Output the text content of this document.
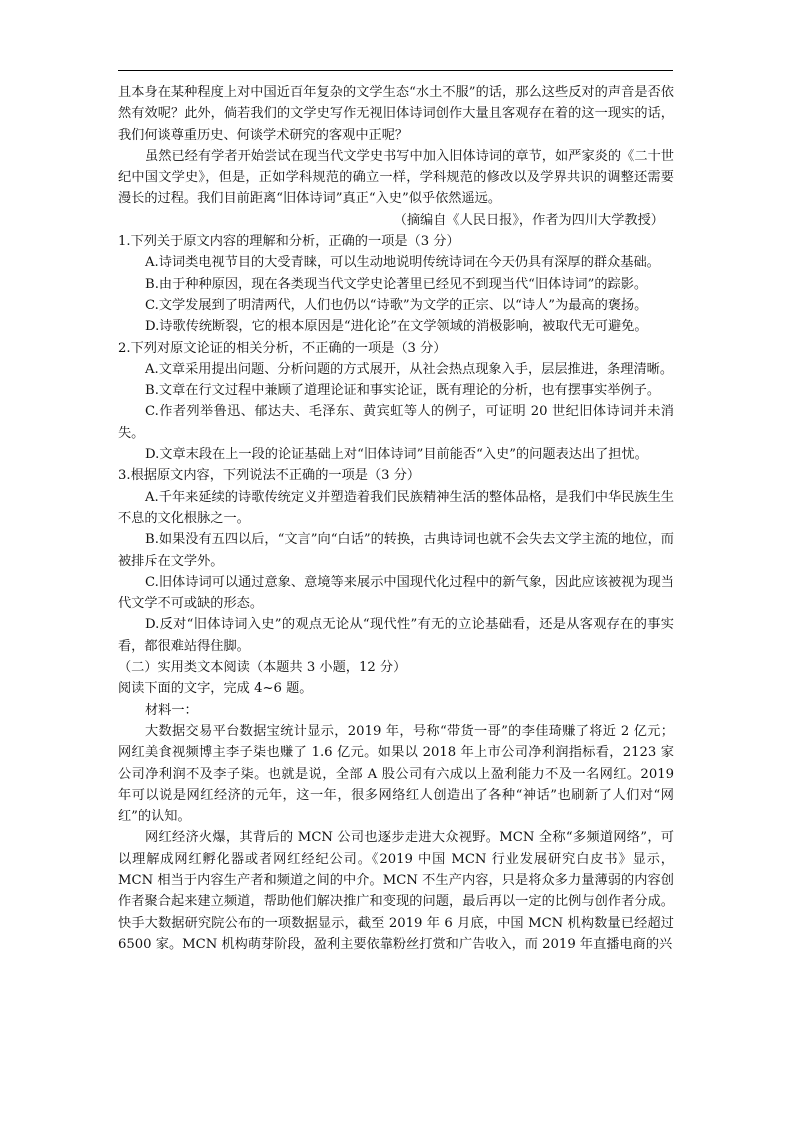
且本身在某种程度上对中国近百年复杂的文学生态“水土不服”的话，那么这些反对的声音是否依然有效呢？此外，倘若我们的文学史写作无视旧体诗词创作大量且客观存在着的这一现实的话，我们何谈尊重历史、何谈学术研究的客观中正呢？

虽然已经有学者开始尝试在现当代文学史书写中加入旧体诗词的章节，如严家炎的《二十世纪中国文学史》，但是，正如学科规范的确立一样，学科规范的修改以及学界共识的调整还需要漫长的过程。我们目前距离“旧体诗词”真正“入史”似乎依然遥远。

（摘编自《人民日报》，作者为四川大学教授）

1.下列关于原文内容的理解和分析，正确的一项是（3 分）

A.诗词类电视节目的大受青睐，可以生动地说明传统诗词在今天仍具有深厚的群众基础。

B.由于种种原因，现在各类现当代文学史论著里已经见不到现当代“旧体诗词”的踪影。

C.文学发展到了明清两代，人们也仍以“诗歌”为文学的正宗、以“诗人”为最高的褒扬。

D.诗歌传统断裂，它的根本原因是“进化论”在文学领域的消极影响，被取代无可避免。

2.下列对原文论证的相关分析，不正确的一项是（3 分）

A.文章采用提出问题、分析问题的方式展开，从社会热点现象入手，层层推进，条理清晰。

B.文章在行文过程中兼顾了道理论证和事实论证，既有理论的分析，也有摆事实举例子。

C.作者列举鲁迅、郁达夫、毛泽东、黄宾虹等人的例子，可证明 20 世纪旧体诗词并未消失。

D.文章末段在上一段的论证基础上对“旧体诗词”目前能否“入史”的问题表达出了担忧。

3.根据原文内容，下列说法不正确的一项是（3 分）

A.千年来延续的诗歌传统定义并塑造着我们民族精神生活的整体品格，是我们中华民族生生不息的文化根脉之一。

B.如果没有五四以后，“文言”向“白话”的转换，古典诗词也就不会失去文学主流的地位，而被排斥在文学外。

C.旧体诗词可以通过意象、意境等来展示中国现代化过程中的新气象，因此应该被视为现当代文学不可或缺的形态。

D.反对“旧体诗词入史”的观点无论从“现代性”有无的立论基础看，还是从客观存在的事实看，都很难站得住脚。

（二）实用类文本阅读（本题共 3 小题，12 分）

阅读下面的文字，完成 4~6 题。

材料一：

大数据交易平台数据宝统计显示，2019 年，号称“带货一哥”的李佳琦赚了将近 2 亿元；网红美食视频博主李子柒也赚了 1.6 亿元。如果以 2018 年上市公司净利润指标看，2123 家公司净利润不及李子柒。也就是说，全部 A 股公司有六成以上盈利能力不及一名网红。2019 年可以说是网红经济的元年，这一年，很多网络红人创造出了各种“神话”也刷新了人们对“网红”的认知。

网红经济火爆，其背后的 MCN 公司也逐步走进大众视野。MCN 全称“多频道网络”，可以理解成网红孵化器或者网红经纪公司。《2019 中国 MCN 行业发展研究白皮书》显示，MCN 相当于内容生产者和频道之间的中介。MCN 不生产内容，只是将众多力量薄弱的内容创作者聚合起来建立频道，帮助他们解决推广和变现的问题，最后再以一定的比例与创作者分成。快手大数据研究院公布的一项数据显示，截至 2019 年 6 月底，中国 MCN 机构数量已经超过 6500 家。MCN 机构萌芽阶段，盈利主要依靠粉丝打赏和广告收入，而 2019 年直播电商的兴
